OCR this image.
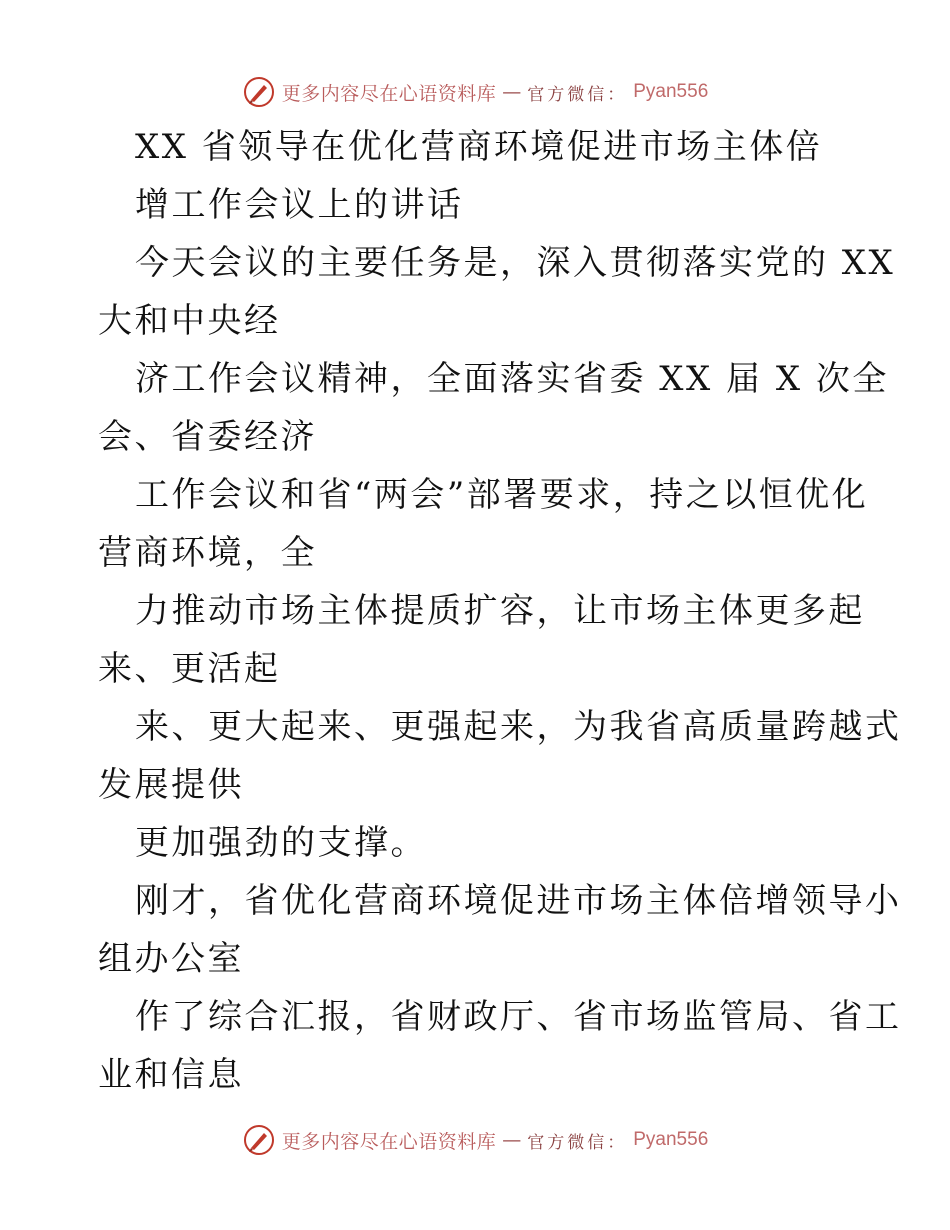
更多内容尽在心语资料库 — 官方微信： Pyan556
XX 省领导在优化营商环境促进市场主体倍
增工作会议上的讲话
今天会议的主要任务是，深入贯彻落实党的 XX
大和中央经
济工作会议精神，全面落实省委 XX 届 X 次全
会、省委经济
工作会议和省“两会”部署要求，持之以恒优化
营商环境，全
力推动市场主体提质扩容，让市场主体更多起
来、更活起
来、更大起来、更强起来，为我省高质量跨越式
发展提供
更加强劲的支撑。
刚才，省优化营商环境促进市场主体倍增领导小
组办公室
作了综合汇报，省财政厅、省市场监管局、省工
业和信息
更多内容尽在心语资料库 — 官方微信： Pyan556
